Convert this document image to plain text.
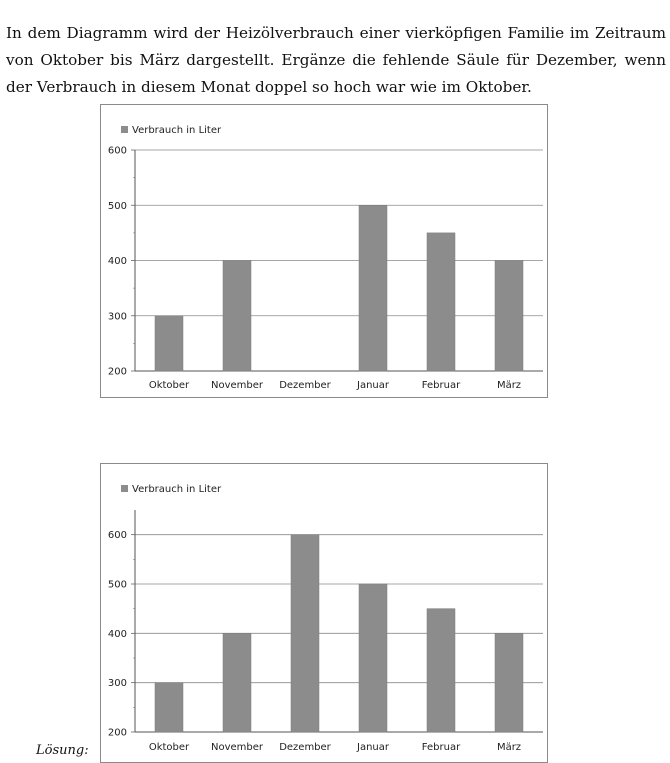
In dem Diagramm wird der Heizölverbrauch einer vierköpfigen Familie im Zeitraum von Oktober bis März dargestellt. Ergänze die fehlende Säule für Dezember, wenn der Verbrauch in diesem Monat doppel so hoch war wie im Oktober.
Verbrauch in Liter
200
300
400
500
600
Oktober November Dezember	Januar	Februar	März
Verbrauch in Liter
200
300
400
500
600
Oktober November Dezember	Januar	Februar	März
Lösung:
